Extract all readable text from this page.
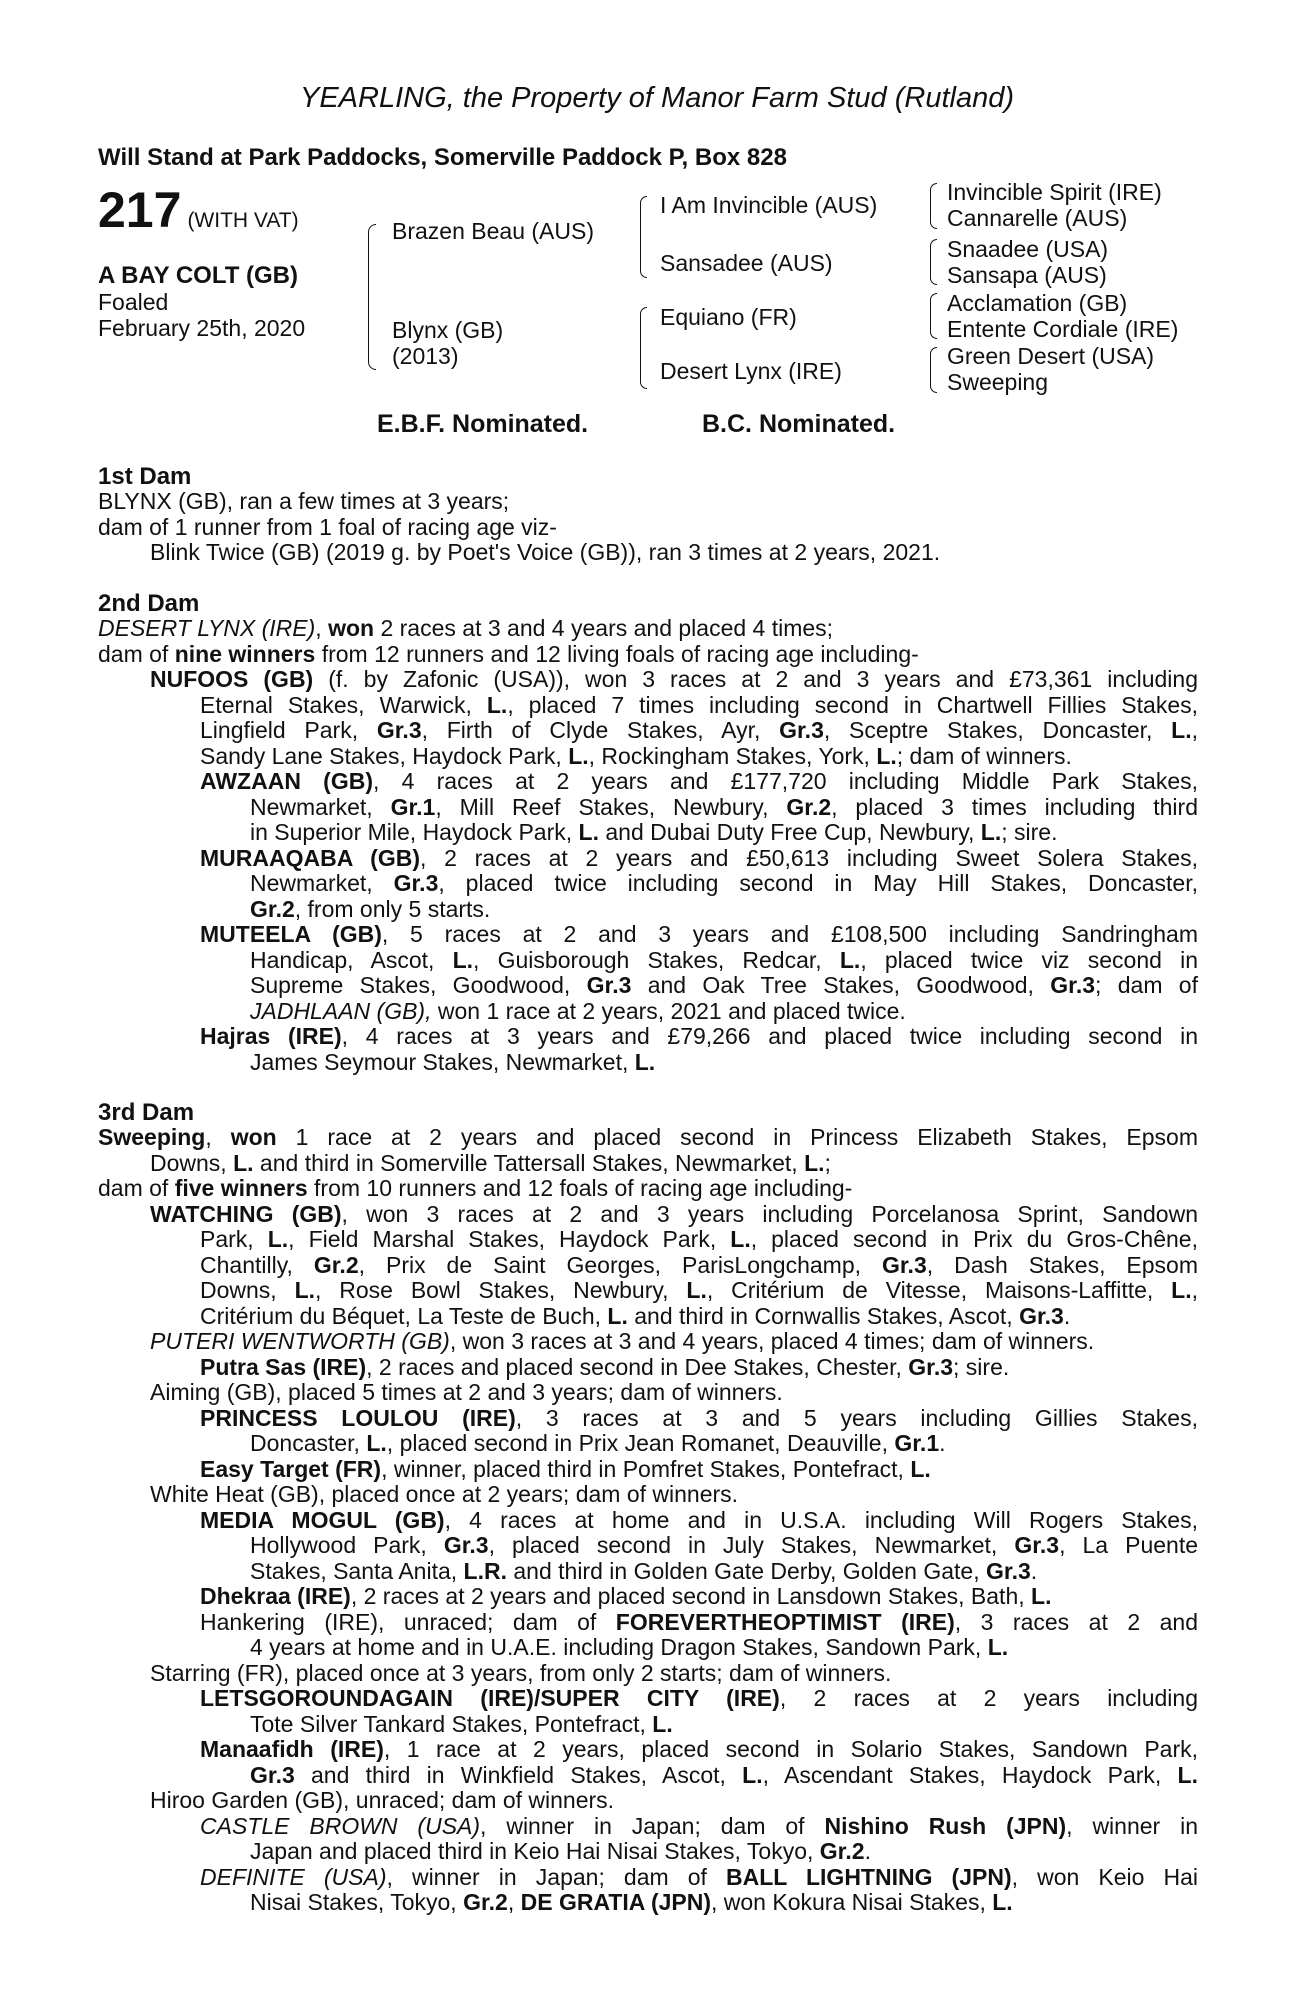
YEARLING, the Property of Manor Farm Stud (Rutland)
Will Stand at Park Paddocks, Somerville Paddock P, Box 828
217 (WITH VAT)
A BAY COLT (GB)
Foaled
February 25th, 2020
Brazen Beau (AUS)
Blynx (GB)
(2013)
I Am Invincible (AUS)
Sansadee (AUS)
Equiano (FR)
Desert Lynx (IRE)
Invincible Spirit (IRE)
Cannarelle (AUS)
Snaadee (USA)
Sansapa (AUS)
Acclamation (GB)
Entente Cordiale (IRE)
Green Desert (USA)
Sweeping
E.B.F. Nominated.	B.C. Nominated.
1st Dam
BLYNX (GB), ran a few times at 3 years;
dam of 1 runner from 1 foal of racing age viz-
Blink Twice (GB) (2019 g. by Poet's Voice (GB)), ran 3 times at 2 years, 2021.
2nd Dam
DESERT LYNX (IRE), won 2 races at 3 and 4 years and placed 4 times;
dam of nine winners from 12 runners and 12 living foals of racing age including-
NUFOOS (GB) (f. by Zafonic (USA)), won 3 races at 2 and 3 years and £73,361 including
Eternal Stakes, Warwick, L., placed 7 times including second in Chartwell Fillies Stakes,
Lingfield Park, Gr.3, Firth of Clyde Stakes, Ayr, Gr.3, Sceptre Stakes, Doncaster, L.,
Sandy Lane Stakes, Haydock Park, L., Rockingham Stakes, York, L.; dam of winners.
AWZAAN (GB), 4 races at 2 years and £177,720 including Middle Park Stakes,
Newmarket, Gr.1, Mill Reef Stakes, Newbury, Gr.2, placed 3 times including third
in Superior Mile, Haydock Park, L. and Dubai Duty Free Cup, Newbury, L.; sire.
MURAAQABA (GB), 2 races at 2 years and £50,613 including Sweet Solera Stakes,
Newmarket, Gr.3, placed twice including second in May Hill Stakes, Doncaster,
Gr.2, from only 5 starts.
MUTEELA (GB), 5 races at 2 and 3 years and £108,500 including Sandringham
Handicap, Ascot, L., Guisborough Stakes, Redcar, L., placed twice viz second in
Supreme Stakes, Goodwood, Gr.3 and Oak Tree Stakes, Goodwood, Gr.3; dam of
JADHLAAN (GB), won 1 race at 2 years, 2021 and placed twice.
Hajras (IRE), 4 races at 3 years and £79,266 and placed twice including second in
James Seymour Stakes, Newmarket, L.
3rd Dam
Sweeping, won 1 race at 2 years and placed second in Princess Elizabeth Stakes, Epsom
Downs, L. and third in Somerville Tattersall Stakes, Newmarket, L.;
dam of five winners from 10 runners and 12 foals of racing age including-
WATCHING (GB), won 3 races at 2 and 3 years including Porcelanosa Sprint, Sandown
Park, L., Field Marshal Stakes, Haydock Park, L., placed second in Prix du Gros-Chêne,
Chantilly, Gr.2, Prix de Saint Georges, ParisLongchamp, Gr.3, Dash Stakes, Epsom
Downs, L., Rose Bowl Stakes, Newbury, L., Critérium de Vitesse, Maisons-Laffitte, L.,
Critérium du Béquet, La Teste de Buch, L. and third in Cornwallis Stakes, Ascot, Gr.3.
PUTERI WENTWORTH (GB), won 3 races at 3 and 4 years, placed 4 times; dam of winners.
Putra Sas (IRE), 2 races and placed second in Dee Stakes, Chester, Gr.3; sire.
Aiming (GB), placed 5 times at 2 and 3 years; dam of winners.
PRINCESS LOULOU (IRE), 3 races at 3 and 5 years including Gillies Stakes,
Doncaster, L., placed second in Prix Jean Romanet, Deauville, Gr.1.
Easy Target (FR), winner, placed third in Pomfret Stakes, Pontefract, L.
White Heat (GB), placed once at 2 years; dam of winners.
MEDIA MOGUL (GB), 4 races at home and in U.S.A. including Will Rogers Stakes,
Hollywood Park, Gr.3, placed second in July Stakes, Newmarket, Gr.3, La Puente
Stakes, Santa Anita, L.R. and third in Golden Gate Derby, Golden Gate, Gr.3.
Dhekraa (IRE), 2 races at 2 years and placed second in Lansdown Stakes, Bath, L.
Hankering (IRE), unraced; dam of FOREVERTHEOPTIMIST (IRE), 3 races at 2 and
4 years at home and in U.A.E. including Dragon Stakes, Sandown Park, L.
Starring (FR), placed once at 3 years, from only 2 starts; dam of winners.
LETSGOROUNDAGAIN (IRE)/SUPER CITY (IRE), 2 races at 2 years including
Tote Silver Tankard Stakes, Pontefract, L.
Manaafidh (IRE), 1 race at 2 years, placed second in Solario Stakes, Sandown Park,
Gr.3 and third in Winkfield Stakes, Ascot, L., Ascendant Stakes, Haydock Park, L.
Hiroo Garden (GB), unraced; dam of winners.
CASTLE BROWN (USA), winner in Japan; dam of Nishino Rush (JPN), winner in
Japan and placed third in Keio Hai Nisai Stakes, Tokyo, Gr.2.
DEFINITE (USA), winner in Japan; dam of BALL LIGHTNING (JPN), won Keio Hai
Nisai Stakes, Tokyo, Gr.2, DE GRATIA (JPN), won Kokura Nisai Stakes, L.
